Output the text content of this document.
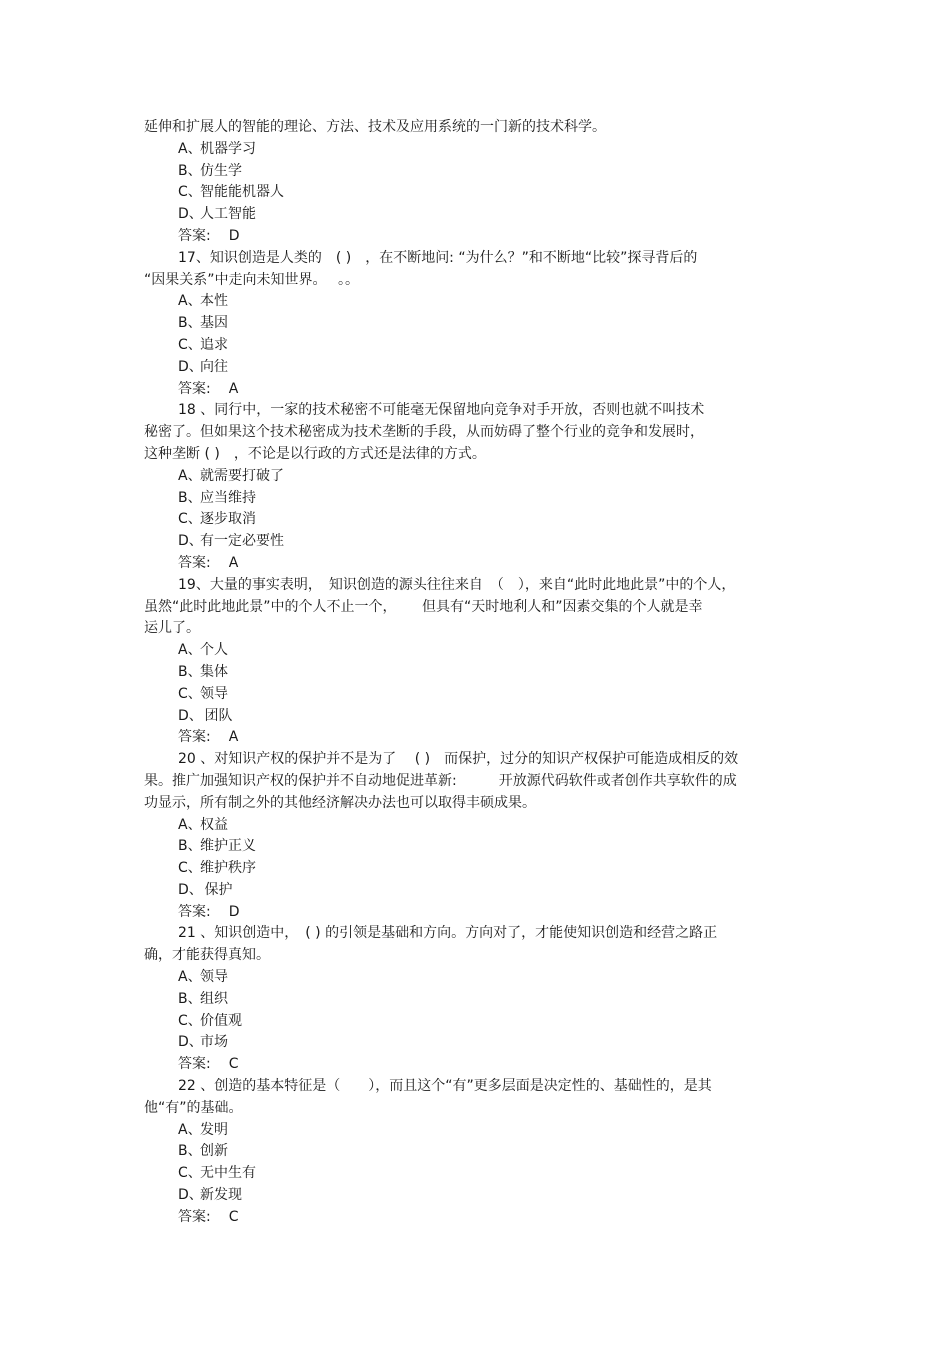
延伸和扩展人的智能的理论、方法、技术及应用系统的一门新的技术科学。
A、机器学习
B、仿生学
C、智能能机器人
D、人工智能
答案: D
17、知识创造是人类的　( )　，在不断地问: “为什么？”和不断地“比较”探寻背后的
“因果关系”中走向未知世界。　 。。
A、本性
B、基因
C、追求
D、向往
答案: A
18 、同行中，一家的技术秘密不可能毫无保留地向竞争对手开放，否则也就不叫技术
秘密了。但如果这个技术秘密成为技术垄断的手段，从而妨碍了整个行业的竞争和发展时，
这种垄断 ( )　，不论是以行政的方式还是法律的方式。
A、就需要打破了
B、应当维持
C、逐步取消
D、有一定必要性
答案: A
19、大量的事实表明，　知识创造的源头往往来自　（　），来自“此时此地此景”中的个人，
虽然“此时此地此景”中的个人不止一个，　　 但具有“天时地利人和”因素交集的个人就是幸
运儿了。
A、个人
B、集体
C、领导
D、 团队
答案: A
20 、对知识产权的保护并不是为了　 ( )　而保护，过分的知识产权保护可能造成相反的效
果。推广加强知识产权的保护并不自动地促进革新:　　　开放源代码软件或者创作共享软件的成
功显示，所有制之外的其他经济解决办法也可以取得丰硕成果。
A、权益
B、维护正义
C、维护秩序
D、 保护
答案: D
21 、知识创造中，　( ) 的引领是基础和方向。方向对了，才能使知识创造和经营之路正
确，才能获得真知。
A、领导
B、组织
C、价值观
D、市场
答案: C
22 、创造的基本特征是（　　），而且这个“有”更多层面是决定性的、基础性的，是其
他“有”的基础。
A、发明
B、创新
C、无中生有
D、新发现
答案: C
